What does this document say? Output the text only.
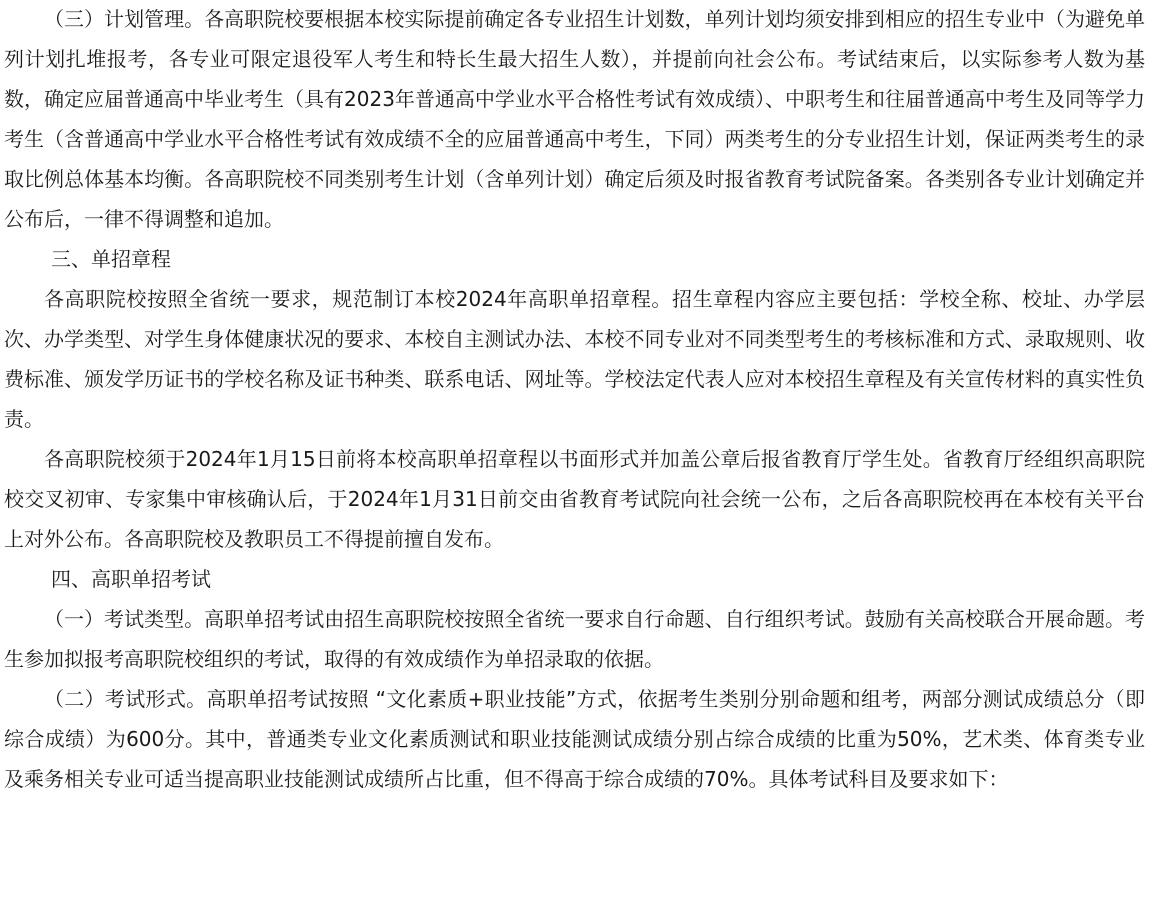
（三）计划管理。各高职院校要根据本校实际提前确定各专业招生计划数，单列计划均须安排到相应的招生专业中（为避免单列计划扎堆报考，各专业可限定退役军人考生和特长生最大招生人数），并提前向社会公布。考试结束后，以实际参考人数为基数，确定应届普通高中毕业考生（具有2023年普通高中学业水平合格性考试有效成绩）、中职考生和往届普通高中考生及同等学力考生（含普通高中学业水平合格性考试有效成绩不全的应届普通高中考生，下同）两类考生的分专业招生计划，保证两类考生的录取比例总体基本均衡。各高职院校不同类别考生计划（含单列计划）确定后须及时报省教育考试院备案。各类别各专业计划确定并公布后，一律不得调整和追加。

三、单招章程

各高职院校按照全省统一要求，规范制订本校2024年高职单招章程。招生章程内容应主要包括：学校全称、校址、办学层次、办学类型、对学生身体健康状况的要求、本校自主测试办法、本校不同专业对不同类型考生的考核标准和方式、录取规则、收费标准、颁发学历证书的学校名称及证书种类、联系电话、网址等。学校法定代表人应对本校招生章程及有关宣传材料的真实性负责。

各高职院校须于2024年1月15日前将本校高职单招章程以书面形式并加盖公章后报省教育厅学生处。省教育厅经组织高职院校交叉初审、专家集中审核确认后，于2024年1月31日前交由省教育考试院向社会统一公布，之后各高职院校再在本校有关平台上对外公布。各高职院校及教职员工不得提前擅自发布。

四、高职单招考试

（一）考试类型。高职单招考试由招生高职院校按照全省统一要求自行命题、自行组织考试。鼓励有关高校联合开展命题。考生参加拟报考高职院校组织的考试，取得的有效成绩作为单招录取的依据。

（二）考试形式。高职单招考试按照 “文化素质+职业技能”方式，依据考生类别分别命题和组考，两部分测试成绩总分（即综合成绩）为600分。其中，普通类专业文化素质测试和职业技能测试成绩分别占综合成绩的比重为50%，艺术类、体育类专业及乘务相关专业可适当提高职业技能测试成绩所占比重，但不得高于综合成绩的70%。具体考试科目及要求如下：
